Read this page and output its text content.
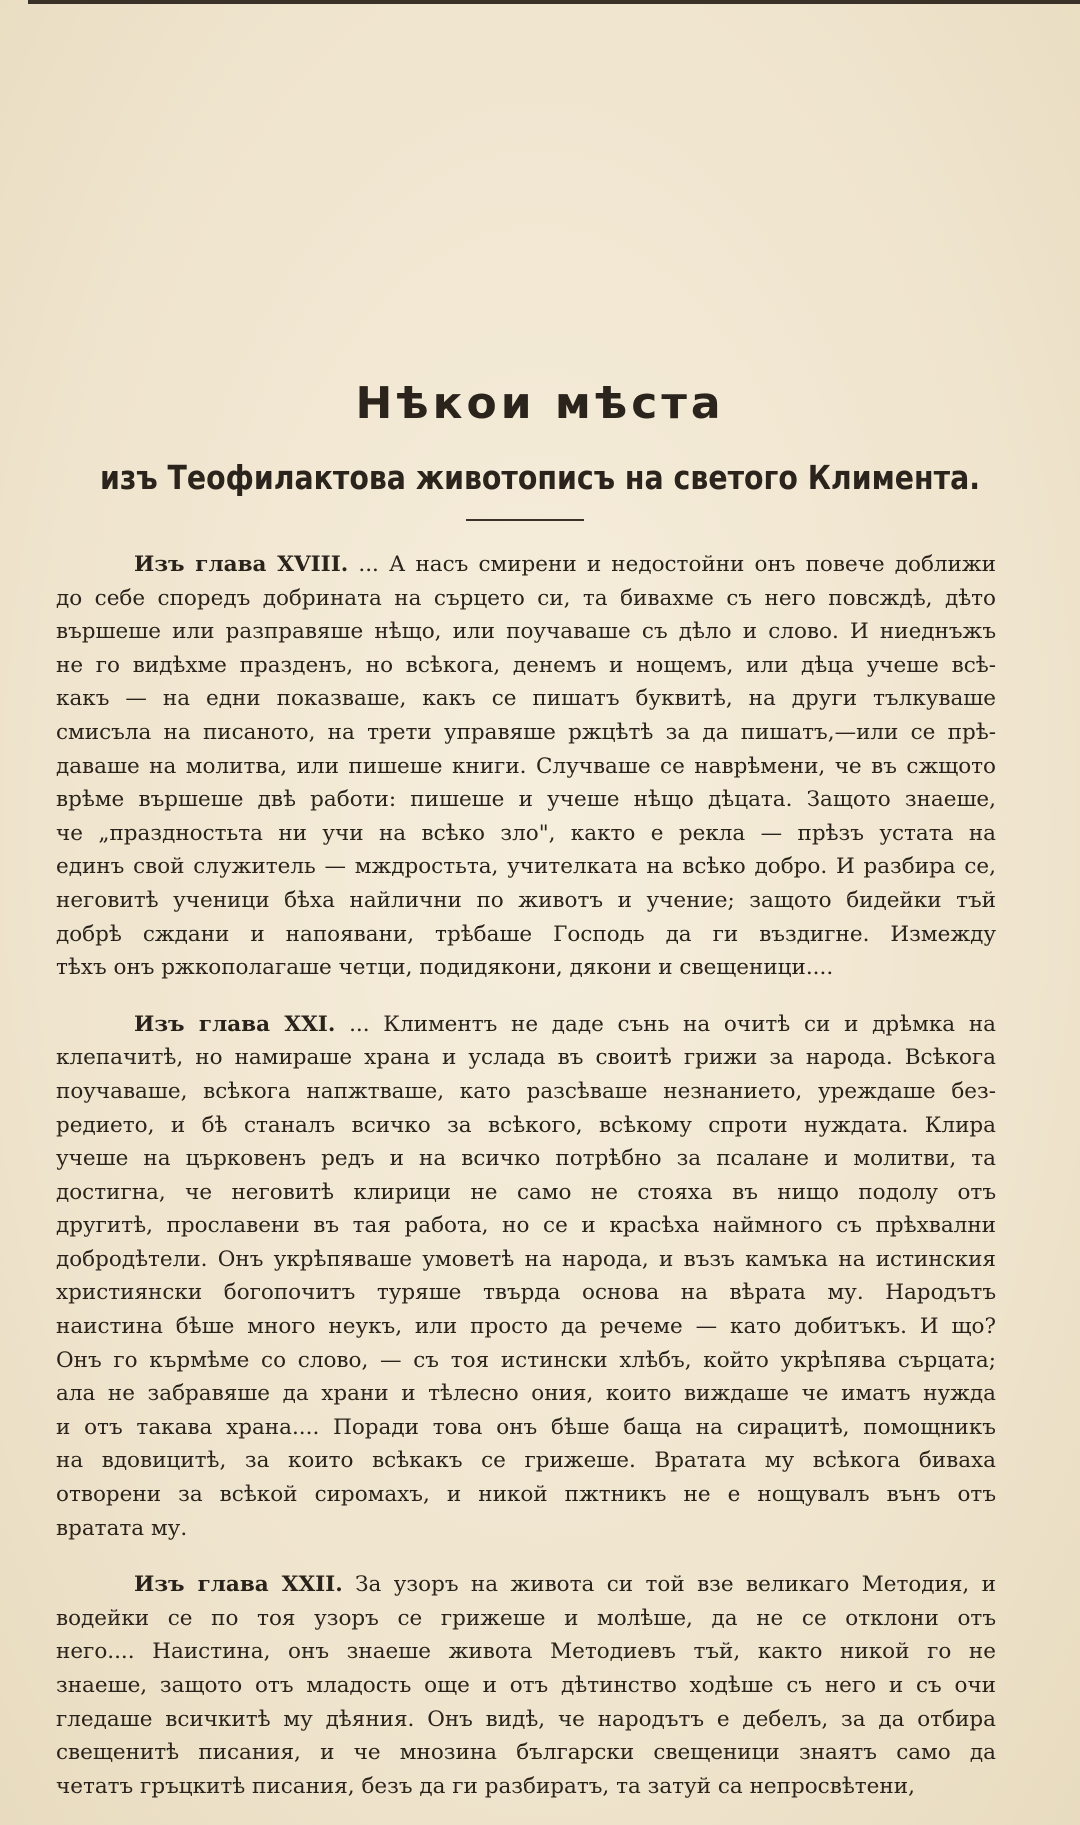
Нѣкои мѣста
изъ Теофилактова животописъ на светого Климента.
Изъ глава XVIII. ... А насъ смирени и недостойни онъ повече доближи
до себе споредъ добрината на сърцето си, та бивахме съ него повсждѣ, дѣто
вършеше или разправяше нѣщо, или поучаваше съ дѣло и слово. И ниеднъжъ
не го видѣхме празденъ, но всѣкога, денемъ и нощемъ, или дѣца учеше всѣ-
какъ — на едни показваше, какъ се пишатъ буквитѣ, на други тълкуваше
смисъла на писаното, на трети управяше ржцѣтѣ за да пишатъ,—или се прѣ-
даваше на молитва, или пишеше книги. Случваше се наврѣмени, че въ сжщото
врѣме вършеше двѣ работи: пишеше и учеше нѣщо дѣцата. Защото знаеше,
че „праздностьта ни учи на всѣко зло", както е рекла — прѣзъ устата на
единъ свой служитель — мждростьта, учителката на всѣко добро. И разбира се,
неговитѣ ученици бѣха найлични по животъ и учение; защото бидейки тъй
добрѣ сждани и напоявани, трѣбаше Господь да ги въздигне. Измежду
тѣхъ онъ ржкополагаше четци, подидякони, дякони и свещеници....
Изъ глава XXI. ... Климентъ не даде сънь на очитѣ си и дрѣмка на
клепачитѣ, но намираше храна и услада въ своитѣ грижи за народа. Всѣкога
поучаваше, всѣкога напжтваше, като разсѣваше незнанието, уреждаше без-
редието, и бѣ станалъ всичко за всѣкого, всѣкому спроти нуждата. Клира
учеше на църковенъ редъ и на всичко потрѣбно за псалане и молитви, та
достигна, че неговитѣ клирици не само не стояха въ нищо подолу отъ
другитѣ, прославени въ тая работа, но се и красѣха наймного съ прѣхвални
добродѣтели. Онъ укрѣпяваше умоветѣ на народа, и възъ камъка на истинския
християнски богопочитъ туряше твърда основа на вѣрата му. Народътъ
наистина бѣше много неукъ, или просто да речеме — като добитъкъ. И що?
Онъ го кърмѣме со слово, — съ тоя истински хлѣбъ, който укрѣпява сърцата;
ала не забравяше да храни и тѣлесно ония, които виждаше че иматъ нужда
и отъ такава храна.... Поради това онъ бѣше баща на сирацитѣ, помощникъ
на вдовицитѣ, за които всѣкакъ се грижеше. Вратата му всѣкога биваха
отворени за всѣкой сиромахъ, и никой пжтникъ не е нощувалъ вънъ отъ
вратата му.
Изъ глава XXII. За узоръ на живота си той взе великаго Методия, и
водейки се по тоя узоръ се грижеше и молѣше, да не се отклони отъ
него.... Наистина, онъ знаеше живота Методиевъ тъй, както никой го не
знаеше, защото отъ младость още и отъ дѣтинство ходѣше съ него и съ очи
гледаше всичкитѣ му дѣяния. Онъ видѣ, че народътъ е дебелъ, за да отбира
свещенитѣ писания, и че мнозина български свещеници знаятъ само да
четатъ гръцкитѣ писания, безъ да ги разбиратъ, та затуй са непросвѣтени,
